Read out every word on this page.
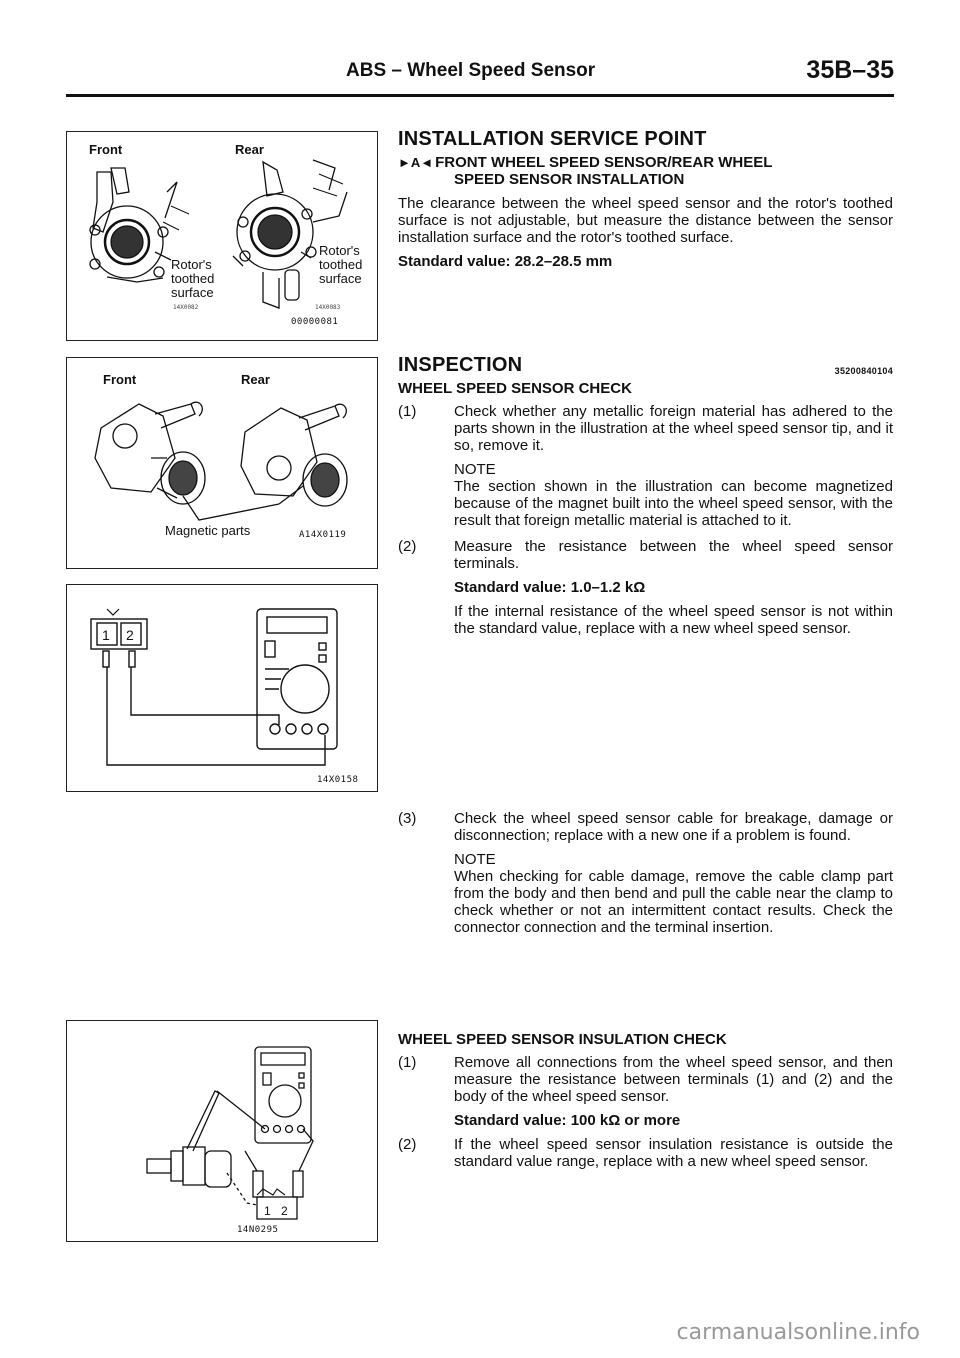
ABS – Wheel Speed Sensor	35B–35
Front	Rear
Rotor's
toothed
surface
Rotor's
toothed
surface
14X0082	14X0083
00000081
Front	Rear
Magnetic parts	A14X0119
1 2
14X0158
1 2
14N0295
INSTALLATION SERVICE POINT
►A◄ FRONT WHEEL SPEED SENSOR/REAR WHEEL
SPEED SENSOR INSTALLATION

The clearance between the wheel speed sensor and the rotor's toothed surface is not adjustable, but measure the distance between the sensor installation surface and the rotor's toothed surface.

Standard value: 28.2–28.5 mm

INSPECTION	35200840104
WHEEL SPEED SENSOR CHECK
(1)	Check whether any metallic foreign material has adhered to the parts shown in the illustration at the wheel speed sensor tip, and it so, remove it.

NOTE

The section shown in the illustration can become magnetized because of the magnet built into the wheel speed sensor, with the result that foreign metallic material is attached to it.

(2)	Measure the resistance between the wheel speed sensor terminals.

Standard value: 1.0–1.2 kΩ

If the internal resistance of the wheel speed sensor is not within the standard value, replace with a new wheel speed sensor.

(3)	Check the wheel speed sensor cable for breakage, damage or disconnection; replace with a new one if a problem is found.

NOTE

When checking for cable damage, remove the cable clamp part from the body and then bend and pull the cable near the clamp to check whether or not an intermittent contact results. Check the connector connection and the terminal insertion.

WHEEL SPEED SENSOR INSULATION CHECK
(1)	Remove all connections from the wheel speed sensor, and then measure the resistance between terminals (1) and (2) and the body of the wheel speed sensor.

Standard value: 100 kΩ or more

(2)	If the wheel speed sensor insulation resistance is outside the standard value range, replace with a new wheel speed sensor.
carmanualsonline.info
